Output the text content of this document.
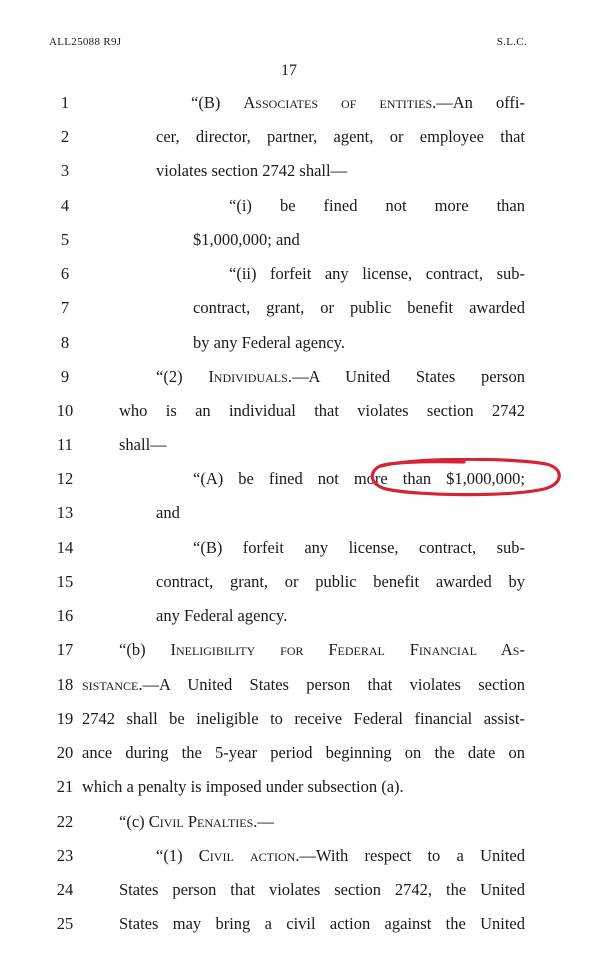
ALL25088 R9J	S.L.C.
17
1	“(B) Associates of entities.—An offi-
2	cer, director, partner, agent, or employee that
3	violates section 2742 shall—
4	“(i) be fined not more than
5	$1,000,000; and
6	“(ii) forfeit any license, contract, sub-
7	contract, grant, or public benefit awarded
8	by any Federal agency.
9	“(2) Individuals.—A United States person
10	who is an individual that violates section 2742
11	shall—
12	“(A) be fined not more than $1,000,000;
13	and
14	“(B) forfeit any license, contract, sub-
15	contract, grant, or public benefit awarded by
16	any Federal agency.
17	“(b) Ineligibility for Federal Financial As-
18 sistance.—A United States person that violates section
19 2742 shall be ineligible to receive Federal financial assist-
20 ance during the 5-year period beginning on the date on
21 which a penalty is imposed under subsection (a).
22	“(c) Civil Penalties.—
23	“(1) Civil action.—With respect to a United
24	States person that violates section 2742, the United
25	States may bring a civil action against the United
